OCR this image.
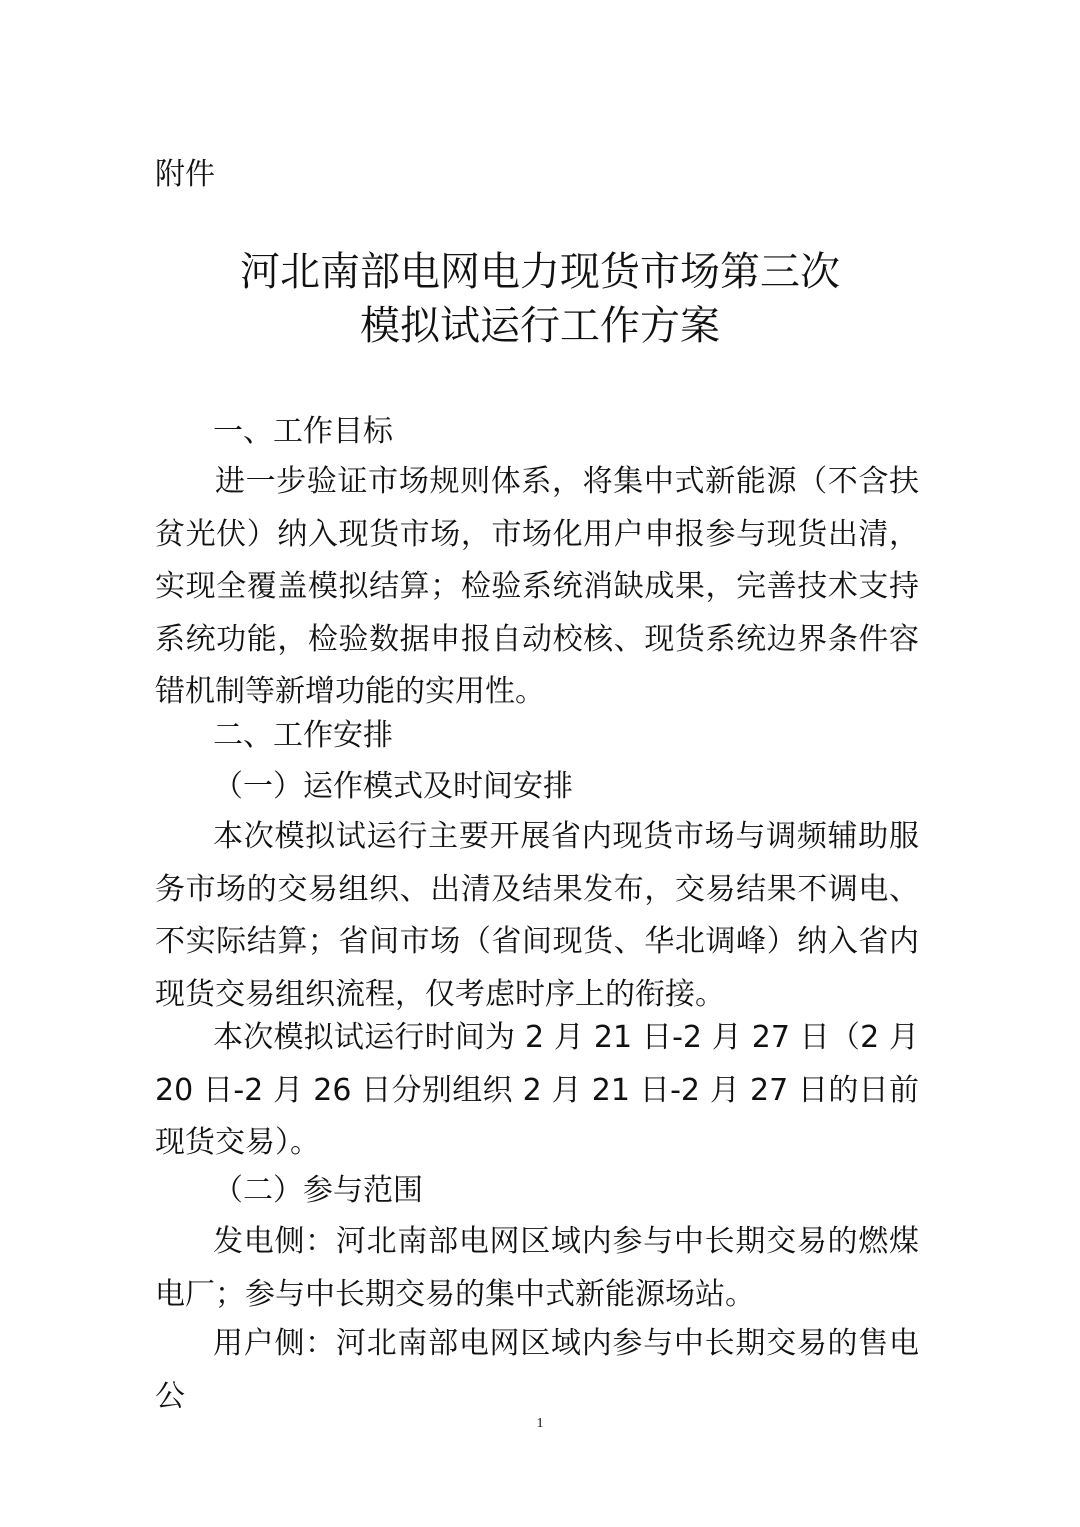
附件

河北南部电网电力现货市场第三次
模拟试运行工作方案

一、工作目标

进一步验证市场规则体系，将集中式新能源（不含扶贫光伏）纳入现货市场，市场化用户申报参与现货出清，实现全覆盖模拟结算；检验系统消缺成果，完善技术支持系统功能，检验数据申报自动校核、现货系统边界条件容错机制等新增功能的实用性。

二、工作安排

（一）运作模式及时间安排

本次模拟试运行主要开展省内现货市场与调频辅助服务市场的交易组织、出清及结果发布，交易结果不调电、不实际结算；省间市场（省间现货、华北调峰）纳入省内现货交易组织流程，仅考虑时序上的衔接。

本次模拟试运行时间为 2 月 21 日-2 月 27 日（2 月 20 日-2 月 26 日分别组织 2 月 21 日-2 月 27 日的日前现货交易）。

（二）参与范围

发电侧：河北南部电网区域内参与中长期交易的燃煤电厂；参与中长期交易的集中式新能源场站。

用户侧：河北南部电网区域内参与中长期交易的售电公

1
